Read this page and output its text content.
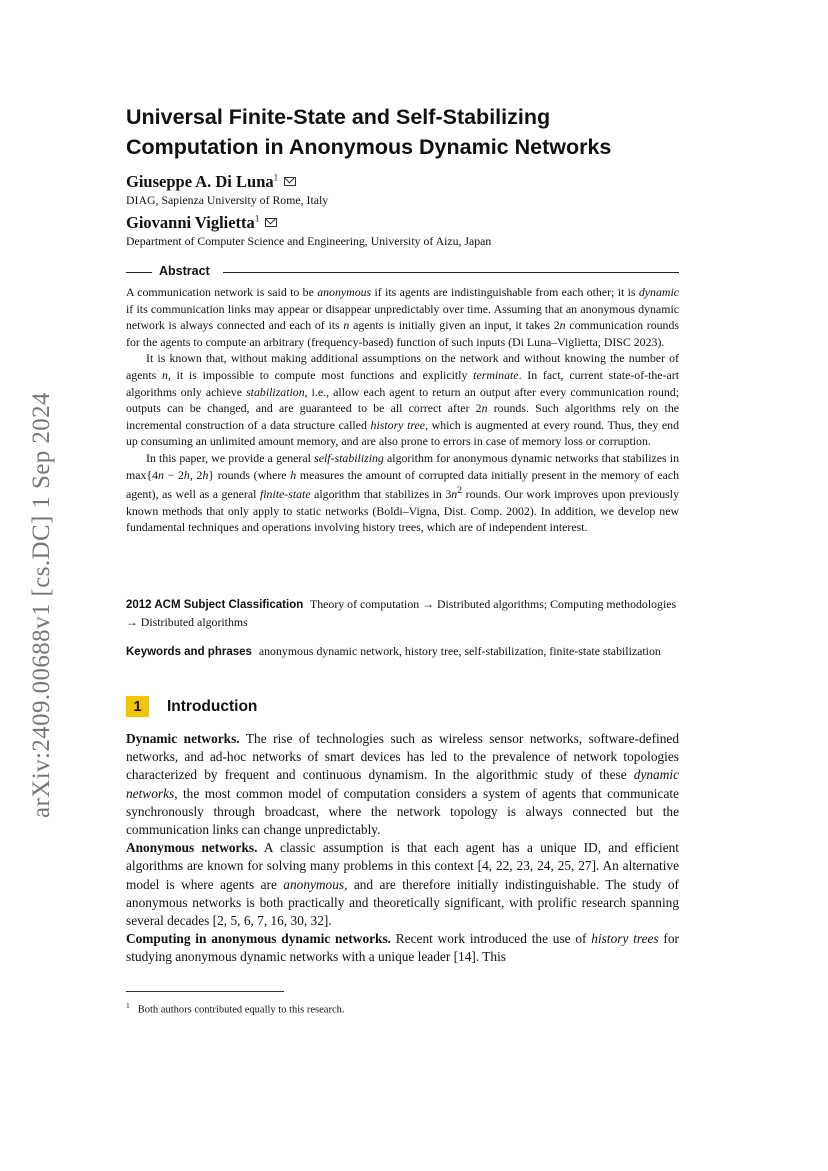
arXiv:2409.00688v1 [cs.DC] 1 Sep 2024
Universal Finite-State and Self-Stabilizing
Computation in Anonymous Dynamic Networks
Giuseppe A. Di Luna$^1$
DIAG, Sapienza University of Rome, Italy
Giovanni Viglietta$^1$
Department of Computer Science and Engineering, University of Aizu, Japan
Abstract

A communication network is said to be anonymous if its agents are indistinguishable from each other; it is dynamic if its communication links may appear or disappear unpredictably over time. Assuming that an anonymous dynamic network is always connected and each of its n agents is initially given an input, it takes 2n communication rounds for the agents to compute an arbitrary (frequency-based) function of such inputs (Di Luna–Viglietta, DISC 2023).

It is known that, without making additional assumptions on the network and without knowing the number of agents n, it is impossible to compute most functions and explicitly terminate. In fact, current state-of-the-art algorithms only achieve stabilization, i.e., allow each agent to return an output after every communication round; outputs can be changed, and are guaranteed to be all correct after 2n rounds. Such algorithms rely on the incremental construction of a data structure called history tree, which is augmented at every round. Thus, they end up consuming an unlimited amount memory, and are also prone to errors in case of memory loss or corruption.

In this paper, we provide a general self-stabilizing algorithm for anonymous dynamic networks that stabilizes in max{4n − 2h, 2h} rounds (where h measures the amount of corrupted data initially present in the memory of each agent), as well as a general finite-state algorithm that stabilizes in $3n^2$ rounds. Our work improves upon previously known methods that only apply to static networks (Boldi–Vigna, Dist. Comp. 2002). In addition, we develop new fundamental techniques and operations involving history trees, which are of independent interest.

2012 ACM Subject Classification Theory of computation → Distributed algorithms; Computing methodologies → Distributed algorithms
Keywords and phrases anonymous dynamic network, history tree, self-stabilization, finite-state stabilization
1	Introduction

Dynamic networks. The rise of technologies such as wireless sensor networks, software-defined networks, and ad-hoc networks of smart devices has led to the prevalence of network topologies characterized by frequent and continuous dynamism. In the algorithmic study of these dynamic networks, the most common model of computation considers a system of agents that communicate synchronously through broadcast, where the network topology is always connected but the communication links can change unpredictably.

Anonymous networks. A classic assumption is that each agent has a unique ID, and efficient algorithms are known for solving many problems in this context [4, 22, 23, 24, 25, 27]. An alternative model is where agents are anonymous, and are therefore initially indistinguishable. The study of anonymous networks is both practically and theoretically significant, with prolific research spanning several decades [2, 5, 6, 7, 16, 30, 32].

Computing in anonymous dynamic networks. Recent work introduced the use of history trees for studying anonymous dynamic networks with a unique leader [14]. This

$^1$ Both authors contributed equally to this research.
